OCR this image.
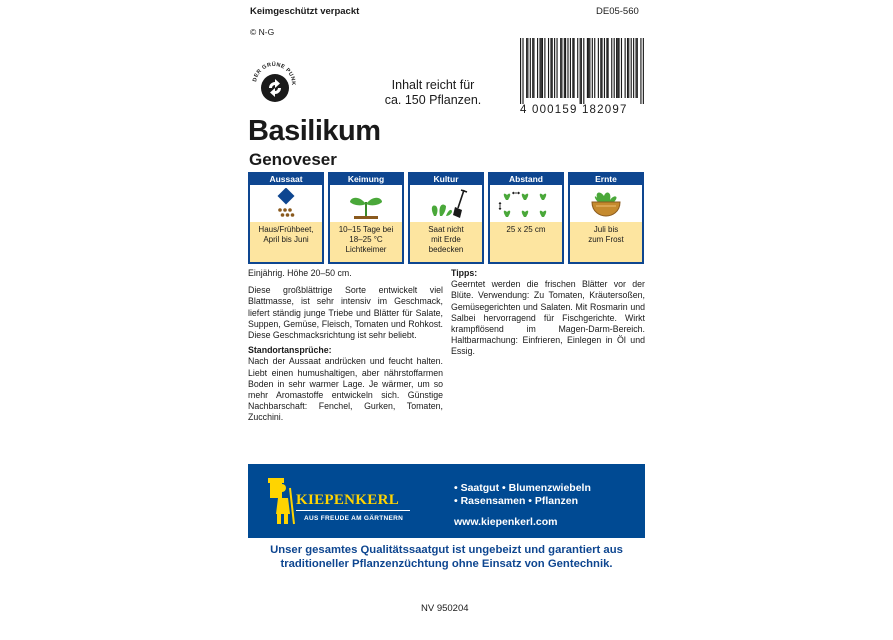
Keimgeschützt verpackt	DE05-560
© N-G
DER GRÜNE PUNK	Inhalt reicht für
ca. 150 Pflanzen.
4 000159 182097
Basilikum
Genoveser
Aussaat
Haus/Frühbeet,
April bis Juni
Keimung
10–15 Tage bei
18–25 °C
Lichtkeimer
Kultur
Saat nicht
mit Erde
bedecken
Abstand
25 x 25 cm
Ernte
Juli bis
zum Frost

Einjährig. Höhe 20–50 cm.

Diese großblättrige Sorte entwickelt viel Blattmasse, ist sehr intensiv im Geschmack, liefert ständig junge Triebe und Blätter für Salate, Suppen, Gemüse, Fleisch, Tomaten und Rohkost. Diese Geschmacksrichtung ist sehr beliebt.

Standortansprüche:

Nach der Aussaat andrücken und feucht halten. Liebt einen humushaltigen, aber nährstoffarmen Boden in sehr warmer Lage. Je wärmer, um so mehr Aromastoffe entwickeln sich. Günstige Nachbarschaft: Fenchel, Gurken, Tomaten, Zucchini.

Tipps:

Geerntet werden die frischen Blätter vor der Blüte. Verwendung: Zu Tomaten, Kräutersoßen, Gemüsegerichten und Salaten. Mit Rosmarin und Salbei hervorragend für Fischgerichte. Wirkt krampflösend im Magen-Darm-Bereich. Haltbarmachung: Einfrieren, Einlegen in Öl und Essig.

KIEPENKERL
AUS FREUDE AM GÄRTNERN
• Saatgut • Blumenzwiebeln
• Rasensamen • Pflanzen
www.kiepenkerl.com
Unser gesamtes Qualitätssaatgut ist ungebeizt und garantiert aus
traditioneller Pflanzenzüchtung ohne Einsatz von Gentechnik.
NV 950204
